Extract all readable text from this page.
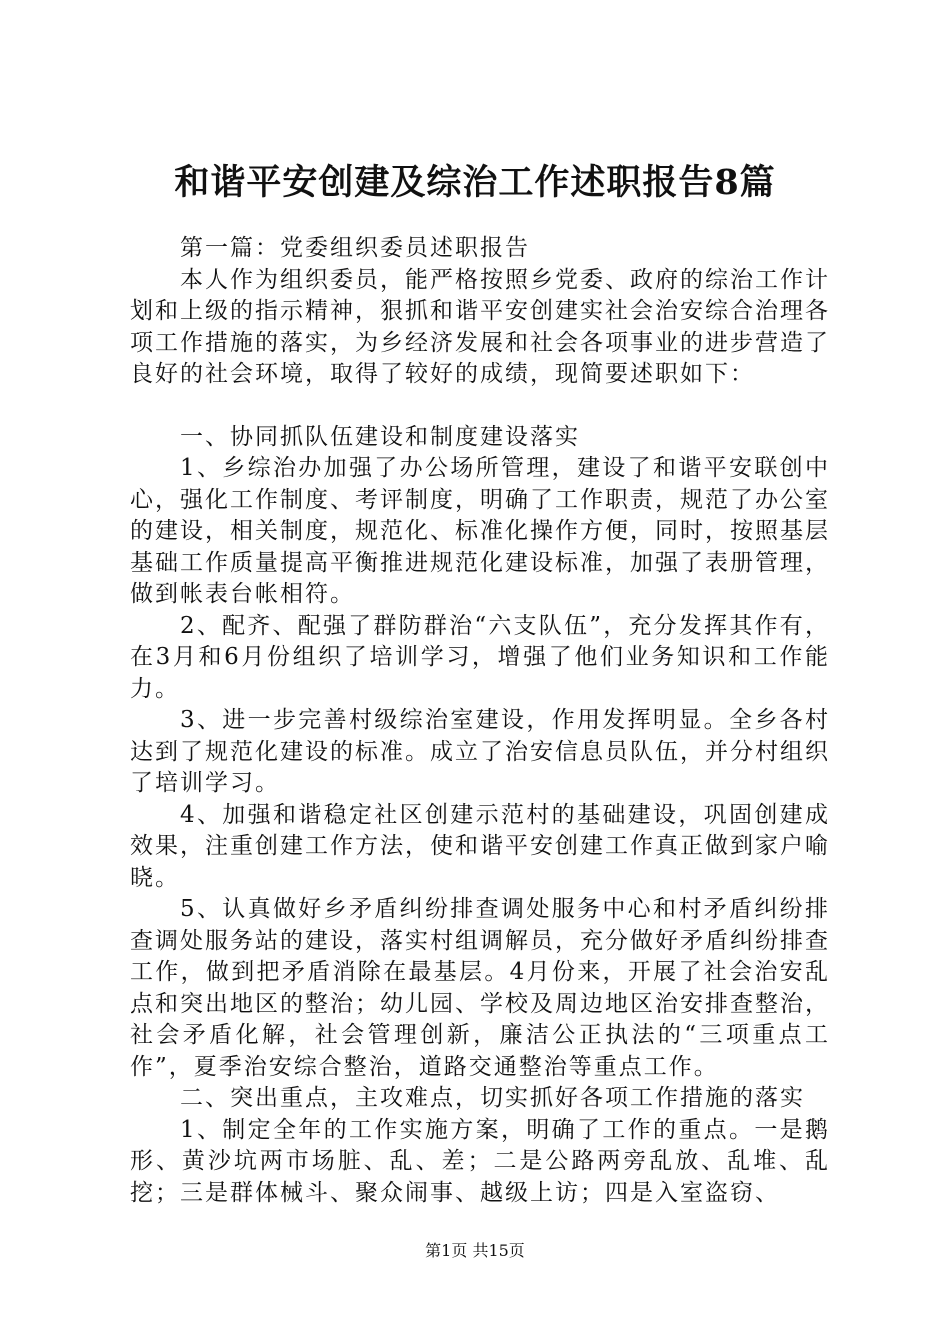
和谐平安创建及综治工作述职报告8篇

第一篇：党委组织委员述职报告

本人作为组织委员，能严格按照乡党委、政府的综治工作计划和上级的指示精神，狠抓和谐平安创建实社会治安综合治理各项工作措施的落实，为乡经济发展和社会各项事业的进步营造了良好的社会环境，取得了较好的成绩，现简要述职如下：

一、协同抓队伍建设和制度建设落实

1、乡综治办加强了办公场所管理，建设了和谐平安联创中心，强化工作制度、考评制度，明确了工作职责，规范了办公室的建设，相关制度，规范化、标准化操作方便，同时，按照基层基础工作质量提高平衡推进规范化建设标准，加强了表册管理，做到帐表台帐相符。

2、配齐、配强了群防群治“六支队伍”，充分发挥其作有，在3月和6月份组织了培训学习，增强了他们业务知识和工作能力。

3、进一步完善村级综治室建设，作用发挥明显。全乡各村达到了规范化建设的标准。成立了治安信息员队伍，并分村组织了培训学习。

4、加强和谐稳定社区创建示范村的基础建设，巩固创建成效果，注重创建工作方法，使和谐平安创建工作真正做到家户喻晓。

5、认真做好乡矛盾纠纷排查调处服务中心和村矛盾纠纷排查调处服务站的建设，落实村组调解员，充分做好矛盾纠纷排查工作，做到把矛盾消除在最基层。4月份来，开展了社会治安乱点和突出地区的整治；幼儿园、学校及周边地区治安排查整治，社会矛盾化解，社会管理创新，廉洁公正执法的“三项重点工作”，夏季治安综合整治，道路交通整治等重点工作。

二、突出重点，主攻难点，切实抓好各项工作措施的落实

1、制定全年的工作实施方案，明确了工作的重点。一是鹅形、黄沙坑两市场脏、乱、差；二是公路两旁乱放、乱堆、乱挖；三是群体械斗、聚众闹事、越级上访；四是入室盗窃、

第1页 共15页
